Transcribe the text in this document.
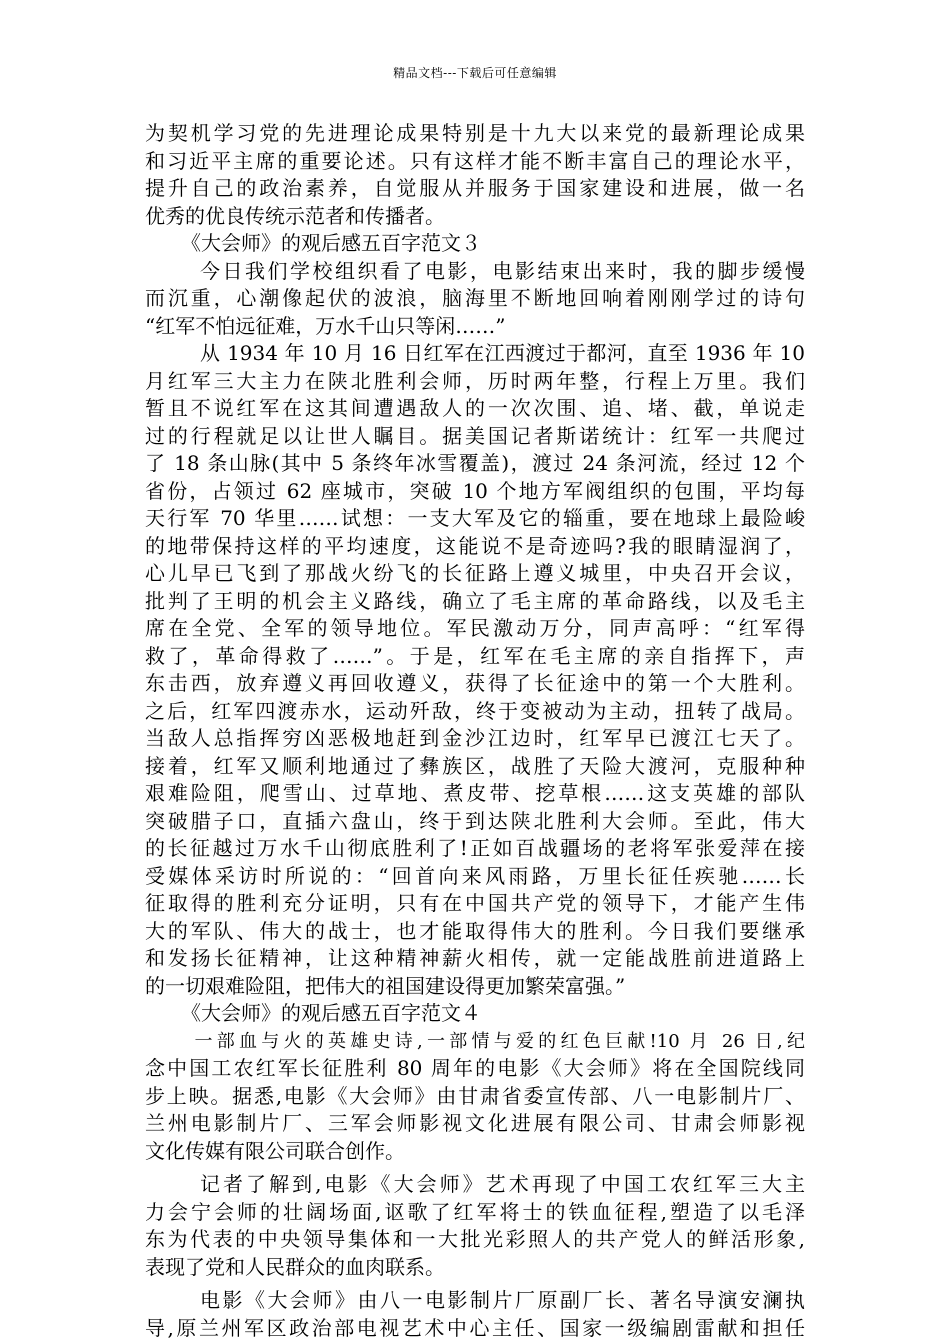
精品文档---下载后可任意编辑
为契机学习党的先进理论成果特别是十九大以来党的最新理论成果
和习近平主席的重要论述。只有这样才能不断丰富自己的理论水平，
提升自己的政治素养，自觉服从并服务于国家建设和进展，做一名
优秀的优良传统示范者和传播者。
《大会师》的观后感五百字范文３
今日我们学校组织看了电影，电影结束出来时，我的脚步缓慢
而沉重，心潮像起伏的波浪，脑海里不断地回响着刚刚学过的诗句
“红军不怕远征难，万水千山只等闲……”
从 1934 年 10 月 16 日红军在江西渡过于都河，直至 1936 年 10
月红军三大主力在陕北胜利会师，历时两年整，行程上万里。我们
暂且不说红军在这其间遭遇敌人的一次次围、追、堵、截，单说走
过的行程就足以让世人瞩目。据美国记者斯诺统计：红军一共爬过
了 18 条山脉(其中 5 条终年冰雪覆盖)，渡过 24 条河流，经过 12 个
省份，占领过 62 座城市，突破 10 个地方军阀组织的包围，平均每
天行军 70 华里……试想：一支大军及它的辎重，要在地球上最险峻
的地带保持这样的平均速度，这能说不是奇迹吗?我的眼睛湿润了，
心儿早已飞到了那战火纷飞的长征路上遵义城里，中央召开会议，
批判了王明的机会主义路线，确立了毛主席的革命路线，以及毛主
席在全党、全军的领导地位。军民激动万分，同声高呼：“红军得
救了，革命得救了……”。于是，红军在毛主席的亲自指挥下，声
东击西，放弃遵义再回收遵义，获得了长征途中的第一个大胜利。
之后，红军四渡赤水，运动歼敌，终于变被动为主动，扭转了战局。
当敌人总指挥穷凶恶极地赶到金沙江边时，红军早已渡江七天了。
接着，红军又顺利地通过了彝族区，战胜了天险大渡河，克服种种
艰难险阻，爬雪山、过草地、煮皮带、挖草根……这支英雄的部队
突破腊子口，直插六盘山，终于到达陕北胜利大会师。至此，伟大
的长征越过万水千山彻底胜利了!正如百战疆场的老将军张爱萍在接
受媒体采访时所说的：“回首向来风雨路，万里长征任疾驰……长
征取得的胜利充分证明，只有在中国共产党的领导下，才能产生伟
大的军队、伟大的战士，也才能取得伟大的胜利。今日我们要继承
和发扬长征精神，让这种精神薪火相传，就一定能战胜前进道路上
的一切艰难险阻，把伟大的祖国建设得更加繁荣富强。”
《大会师》的观后感五百字范文４
一部血与火的英雄史诗,一部情与爱的红色巨献!10 月 26 日,纪
念中国工农红军长征胜利 80 周年的电影《大会师》将在全国院线同
步上映。据悉,电影《大会师》由甘肃省委宣传部、八一电影制片厂、
兰州电影制片厂、三军会师影视文化进展有限公司、甘肃会师影视
文化传媒有限公司联合创作。
记者了解到,电影《大会师》艺术再现了中国工农红军三大主
力会宁会师的壮阔场面,讴歌了红军将士的铁血征程,塑造了以毛泽
东为代表的中央领导集体和一大批光彩照人的共产党人的鲜活形象,
表现了党和人民群众的血肉联系。
电影《大会师》由八一电影制片厂原副厂长、著名导演安澜执
导,原兰州军区政治部电视艺术中心主任、国家一级编剧雷献和担任
